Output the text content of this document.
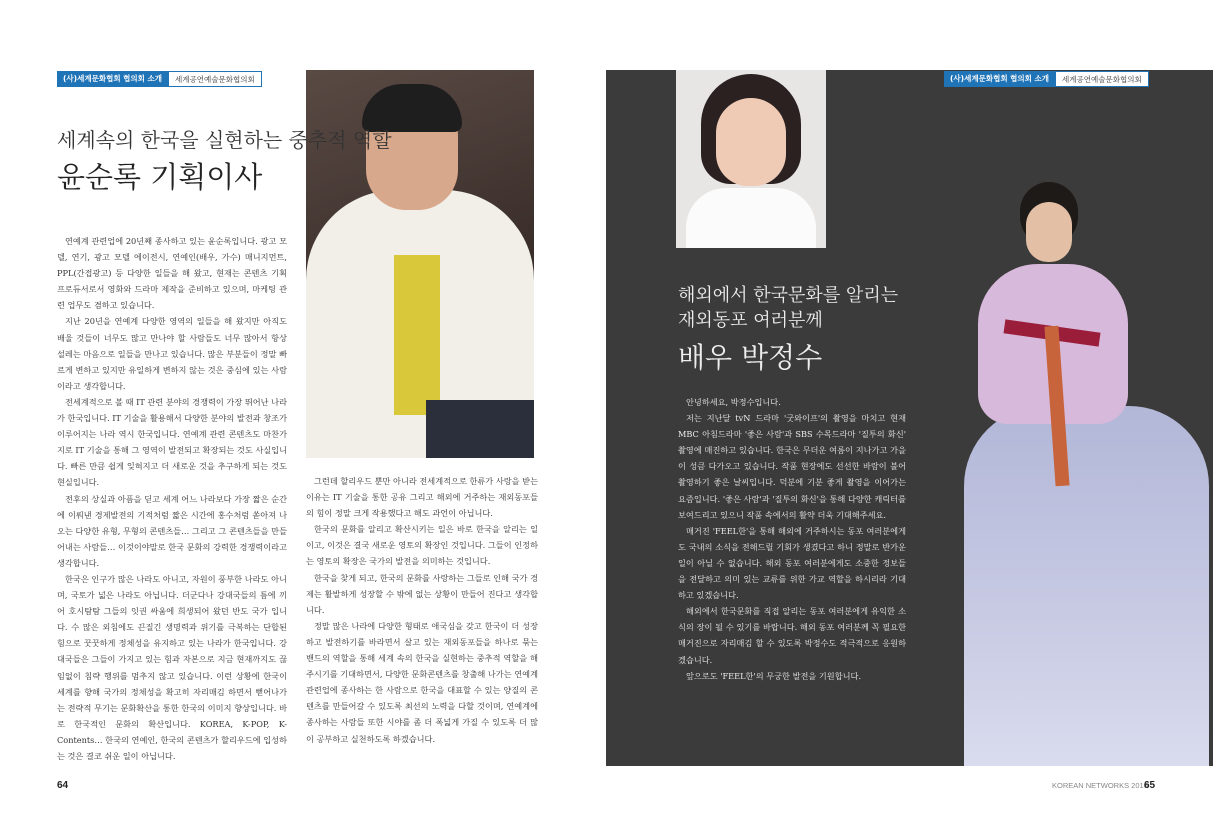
(사)세계문화협회 협의회 소개	세계공연예술문화협의회
세계속의 한국을 실현하는 중추적 역할
윤순록 기획이사

연예계 관련업에 20년째 종사하고 있는 윤순록입니다. 광고 모델, 연기, 광고 모델 에이전시, 연예인(배우, 가수) 매니지먼트, PPL(간접광고) 등 다양한 일들을 해 왔고, 현재는 콘텐츠 기획 프로듀서로서 영화와 드라마 제작을 준비하고 있으며, 마케팅 관련 업무도 겸하고 있습니다.

지난 20년을 연예계 다양한 영역의 일들을 해 왔지만 아직도 배울 것들이 너무도 많고 만나야 할 사람들도 너무 많아서 항상 설레는 마음으로 일들을 만나고 있습니다. 많은 부분들이 정말 빠르게 변하고 있지만 유일하게 변하지 않는 것은 중심에 있는 사람이라고 생각합니다.

전세계적으로 볼 때 IT 관련 분야의 경쟁력이 가장 뛰어난 나라가 한국입니다. IT 기술을 활용해서 다양한 분야의 발전과 창조가 이루어지는 나라 역시 한국입니다. 연예계 관련 콘텐츠도 마찬가지로 IT 기술을 통해 그 영역이 발전되고 확장되는 것도 사실입니다. 빠른 만큼 쉽게 잊혀지고 더 새로운 것을 추구하게 되는 것도 현실입니다.

전후의 상실과 아픔을 딛고 세계 어느 나라보다 가장 짧은 순간에 이뤄낸 경제발전의 기적처럼 짧은 시간에 홍수처럼 쏟아져 나오는 다양한 유형, 무형의 콘텐츠들… 그리고 그 콘텐츠들을 만들어내는 사람들… 이것이야말로 한국 문화의 강력한 경쟁력이라고 생각합니다.

한국은 인구가 많은 나라도 아니고, 자원이 풍부한 나라도 아니며, 국토가 넓은 나라도 아닙니다. 더군다나 강대국들의 틈에 끼어 호시탐탐 그들의 잇권 싸움에 희생되어 왔던 반도 국가 입니다. 수 많은 외침에도 끈질긴 생명력과 위기를 극복하는 단합된 힘으로 꿋꿋하게 정체성을 유지하고 있는 나라가 한국입니다. 강대국들은 그들이 가지고 있는 힘과 자본으로 지금 현재까지도 끊임없이 침략 행위를 멈추지 않고 있습니다. 이런 상황에 한국이 세계를 향해 국가의 정체성을 확고히 자리매김 하면서 뻗어나가는 전략적 무기는 문화확산을 통한 한국의 이미지 향상입니다. 바로 한국적인 문화의 확산입니다. KOREA, K-POP, K-Contents… 한국의 연예인, 한국의 콘텐츠가 할리우드에 입성하는 것은 결코 쉬운 일이 아닙니다.

그런데 할리우드 뿐만 아니라 전세계적으로 한류가 사랑을 받는 이유는 IT 기술을 통한 공유 그리고 해외에 거주하는 재외동포들의 힘이 정말 크게 작용했다고 해도 과언이 아닙니다.

한국의 문화를 알리고 확산시키는 일은 바로 한국을 알리는 일이고, 이것은 결국 새로운 영토의 확장인 것입니다. 그들이 인정하는 영토의 확장은 국가의 발전을 의미하는 것입니다.

한국을 찾게 되고, 한국의 문화를 사랑하는 그들로 인해 국가 경제는 활발하게 성장할 수 밖에 없는 상황이 만들어 진다고 생각합니다.

정말 많은 나라에 다양한 형태로 애국심을 갖고 한국이 더 성장하고 발전하기를 바라면서 살고 있는 재외동포들을 하나로 묶는 밴드의 역할을 통해 세계 속의 한국을 실현하는 중추적 역할을 해 주시기를 기대하면서, 다양한 문화콘텐츠를 창출해 나가는 연예계관련업에 종사하는 한 사람으로 한국을 대표할 수 있는 양질의 콘텐츠를 만들어갈 수 있도록 최선의 노력을 다할 것이며, 연예계에 종사하는 사람들 또한 시야를 좀 더 폭넓게 가질 수 있도록 더 많이 공부하고 실천하도록 하겠습니다.

64
(사)세계문화협회 협의회 소개	세계공연예술문화협의회
해외에서 한국문화를 알리는
재외동포 여러분께
배우 박정수

안녕하세요, 박정수입니다.

저는 지난달 tvN 드라마 '굿와이프'의 촬영을 마치고 현재 MBC 아침드라마 '좋은 사람'과 SBS 수목드라마 '질투의 화신' 촬영에 매진하고 있습니다. 한국은 무더운 여름이 지나가고 가을이 성큼 다가오고 있습니다. 작품 현장에도 선선한 바람이 불어 촬영하기 좋은 날씨입니다. 덕분에 기분 좋게 촬영을 이어가는 요즘입니다. '좋은 사람'과 '질투의 화신'을 통해 다양한 캐릭터를 보여드리고 있으니 작품 속에서의 활약 더욱 기대해주세요.

매거진 'FEEL한'을 통해 해외에 거주하시는 동포 여러분에게도 국내의 소식을 전해드릴 기회가 생겼다고 하니 정말로 반가운 일이 아닐 수 없습니다. 해외 동포 여러분에게도 소중한 정보들을 전달하고 의미 있는 교류를 위한 가교 역할을 하시리라 기대하고 있겠습니다.

해외에서 한국문화를 직접 알리는 동포 여러분에게 유익한 소식의 장이 될 수 있기를 바랍니다. 해외 동포 여러분께 꼭 필요한 매거진으로 자리매김 할 수 있도록 박정수도 적극적으로 응원하겠습니다.

앞으로도 'FEEL한'의 무궁한 발전을 기원합니다.

KOREAN NETWORKS 2016
65
